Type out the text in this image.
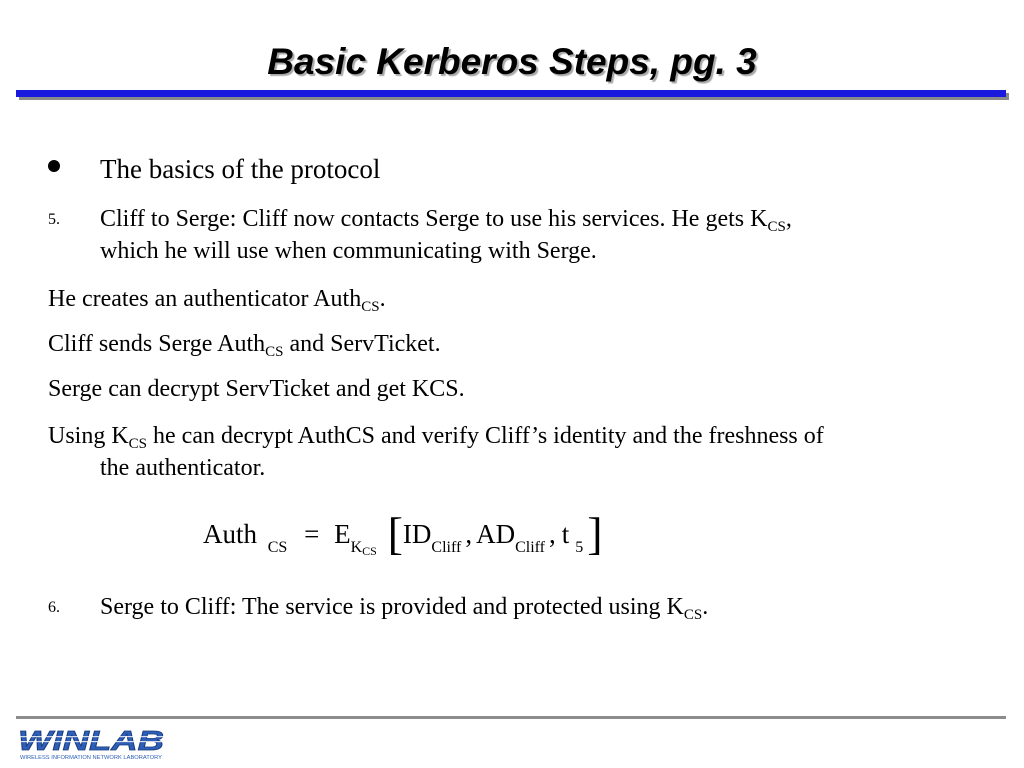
Basic Kerberos Steps, pg. 3
The basics of the protocol
5. Cliff to Serge: Cliff now contacts Serge to use his services. He gets $K_{CS}$,
which he will use when communicating with Serge.
He creates an authenticator Auth$_{CS}$.
Cliff sends Serge Auth$_{CS}$ and ServTicket.
Serge can decrypt ServTicket and get KCS.
Using $K_{CS}$ he can decrypt AuthCS and verify Cliff’s identity and the freshness of
the authenticator.
Auth CS = EKCS [IDCliff , ADCliff , t 5]
6. Serge to Cliff: The service is provided and protected using $K_{CS}$.
WIRELESS INFORMATION NETWORK LABORATORY
